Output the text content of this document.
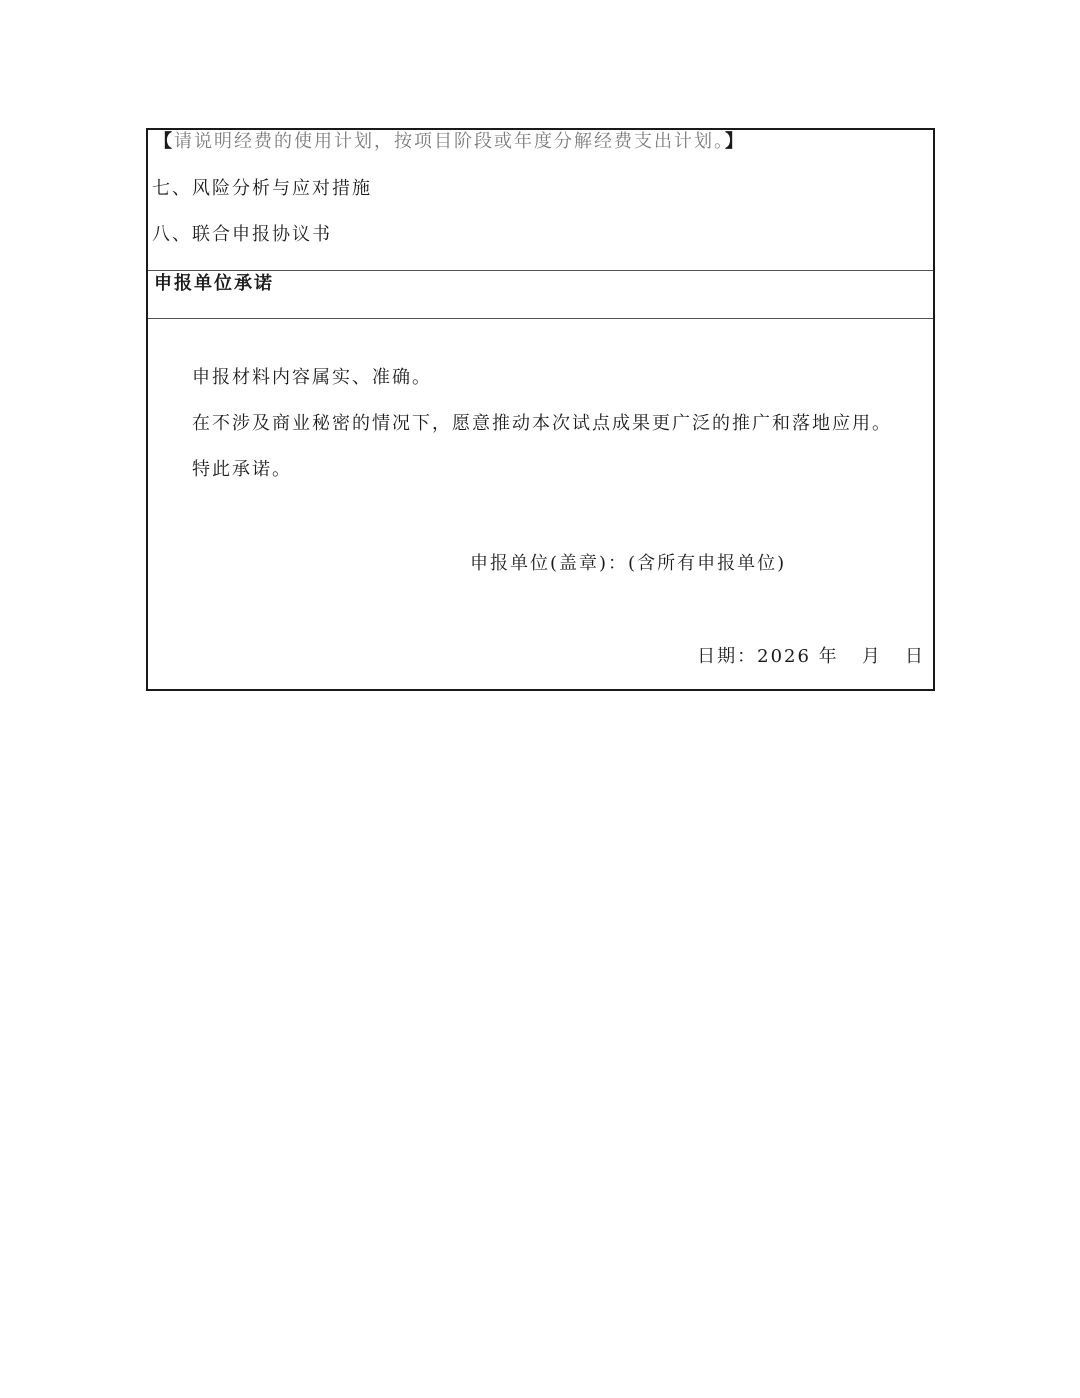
【请说明经费的使用计划，按项目阶段或年度分解经费支出计划。】
七、风险分析与应对措施
八、联合申报协议书
申报单位承诺
申报材料内容属实、准确。
在不涉及商业秘密的情况下，愿意推动本次试点成果更广泛的推广和落地应用。
特此承诺。
申报单位(盖章)：(含所有申报单位)
日期：2026 年   月   日
